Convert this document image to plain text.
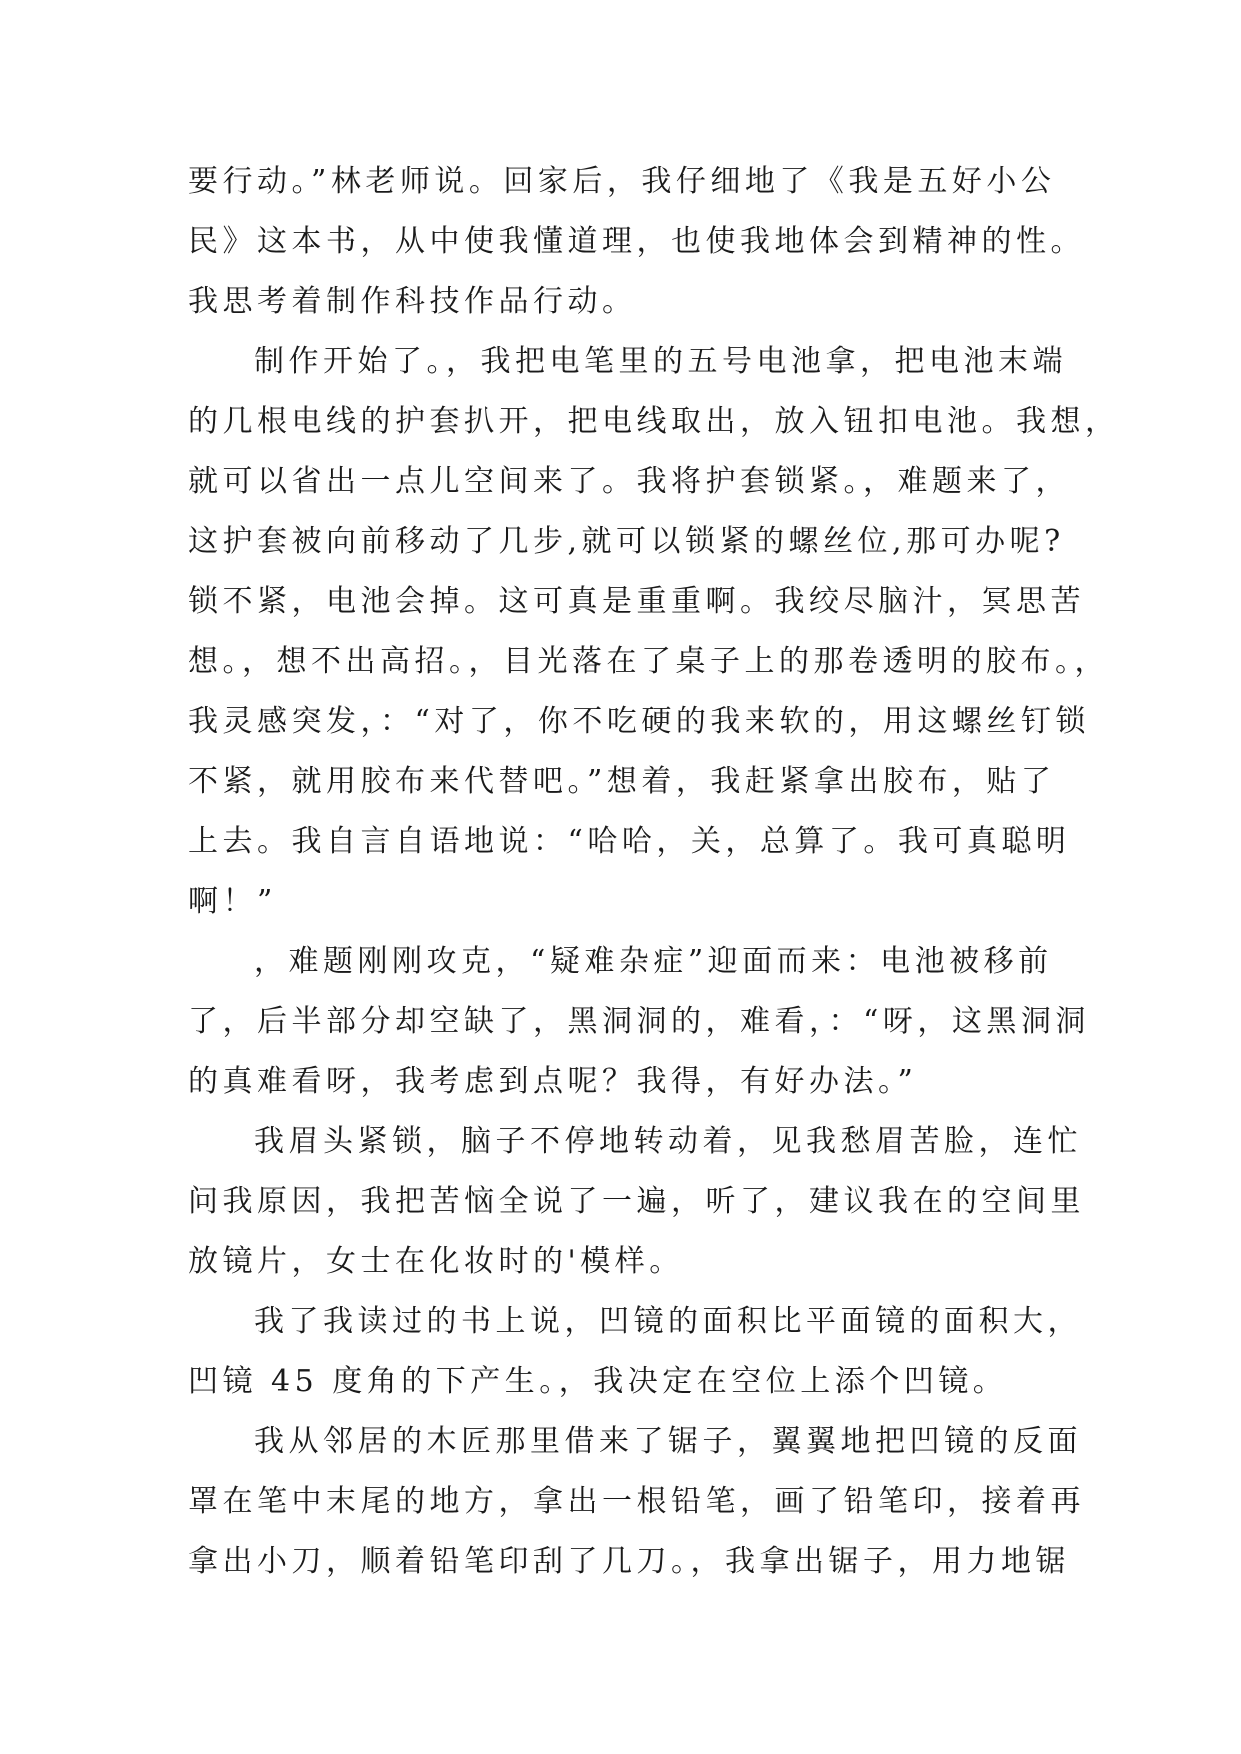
要行动。”林老师说。回家后，我仔细地了《我是五好小公
民》这本书，从中使我懂道理，也使我地体会到精神的性。
我思考着制作科技作品行动。
制作开始了。，我把电笔里的五号电池拿，把电池末端
的几根电线的护套扒开，把电线取出，放入钮扣电池。我想，
就可以省出一点儿空间来了。我将护套锁紧。，难题来了，
这护套被向前移动了几步,就可以锁紧的螺丝位,那可办呢?
锁不紧，电池会掉。这可真是重重啊。我绞尽脑汁，冥思苦
想。，想不出高招。，目光落在了桌子上的那卷透明的胶布。，
我灵感突发，：“对了，你不吃硬的我来软的，用这螺丝钉锁
不紧，就用胶布来代替吧。”想着，我赶紧拿出胶布，贴了
上去。我自言自语地说：“哈哈，关，总算了。我可真聪明
啊！”
，难题刚刚攻克，“疑难杂症”迎面而来：电池被移前
了，后半部分却空缺了，黑洞洞的，难看，：“呀，这黑洞洞
的真难看呀，我考虑到点呢？我得，有好办法。”
我眉头紧锁，脑子不停地转动着，见我愁眉苦脸，连忙
问我原因，我把苦恼全说了一遍，听了，建议我在的空间里
放镜片，女士在化妆时的'模样。
我了我读过的书上说，凹镜的面积比平面镜的面积大，
凹镜 45 度角的下产生。，我决定在空位上添个凹镜。
我从邻居的木匠那里借来了锯子，翼翼地把凹镜的反面
罩在笔中末尾的地方，拿出一根铅笔，画了铅笔印，接着再
拿出小刀，顺着铅笔印刮了几刀。，我拿出锯子，用力地锯
